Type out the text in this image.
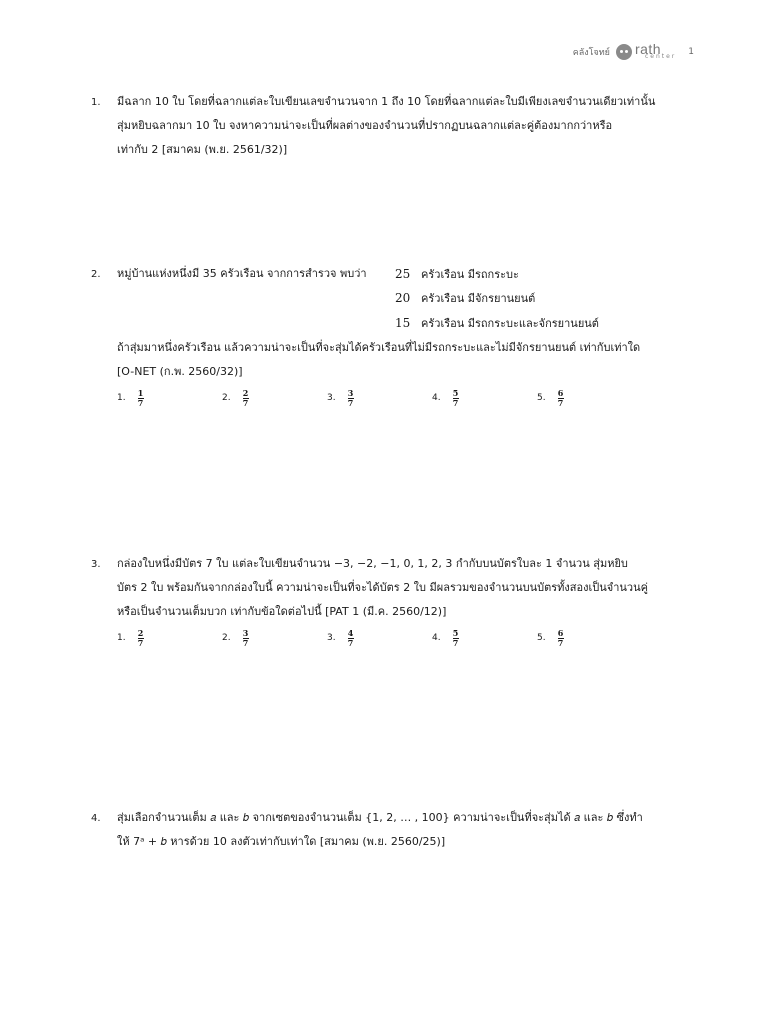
คลังโจทย์ rath
center 1
1. มีฉลาก 10 ใบ โดยที่ฉลากแต่ละใบเขียนเลขจำนวนจาก 1 ถึง 10 โดยที่ฉลากแต่ละใบมีเพียงเลขจำนวนเดียวเท่านั้น
สุ่มหยิบฉลากมา 10 ใบ จงหาความน่าจะเป็นที่ผลต่างของจำนวนที่ปรากฏบนฉลากแต่ละคู่ต้องมากกว่าหรือ
เท่ากับ 2 [สมาคม (พ.ย. 2561/32)]
2. หมู่บ้านแห่งหนึ่งมี 35 ครัวเรือน จากการสำรวจ พบว่า	25 ครัวเรือน มีรถกระบะ
20 ครัวเรือน มีจักรยานยนต์
15 ครัวเรือน มีรถกระบะและจักรยานยนต์
ถ้าสุ่มมาหนึ่งครัวเรือน แล้วความน่าจะเป็นที่จะสุ่มได้ครัวเรือนที่ไม่มีรถกระบะและไม่มีจักรยานยนต์ เท่ากับเท่าใด
[O-NET (ก.พ. 2560/32)]
1. $\frac{1}{7}$	2. $\frac{2}{7}$	3. $\frac{3}{7}$	4. $\frac{5}{7}$	5. $\frac{6}{7}$
3. กล่องใบหนึ่งมีบัตร 7 ใบ แต่ละใบเขียนจำนวน −3, −2, −1, 0, 1, 2, 3 กำกับบนบัตรใบละ 1 จำนวน สุ่มหยิบ
บัตร 2 ใบ พร้อมกันจากกล่องใบนี้ ความน่าจะเป็นที่จะได้บัตร 2 ใบ มีผลรวมของจำนวนบนบัตรทั้งสองเป็นจำนวนคู่
หรือเป็นจำนวนเต็มบวก เท่ากับข้อใดต่อไปนี้ [PAT 1 (มี.ค. 2560/12)]
1. $\frac{2}{7}$	2. $\frac{3}{7}$	3. $\frac{4}{7}$	4. $\frac{5}{7}$	5. $\frac{6}{7}$
4. สุ่มเลือกจำนวนเต็ม 𝑎 และ 𝑏 จากเซตของจำนวนเต็ม {1, 2, … , 100} ความน่าจะเป็นที่จะสุ่มได้ 𝑎 และ 𝑏 ซึ่งทำ
ให้ 7ᵃ + 𝑏 หารด้วย 10 ลงตัวเท่ากับเท่าใด [สมาคม (พ.ย. 2560/25)]
